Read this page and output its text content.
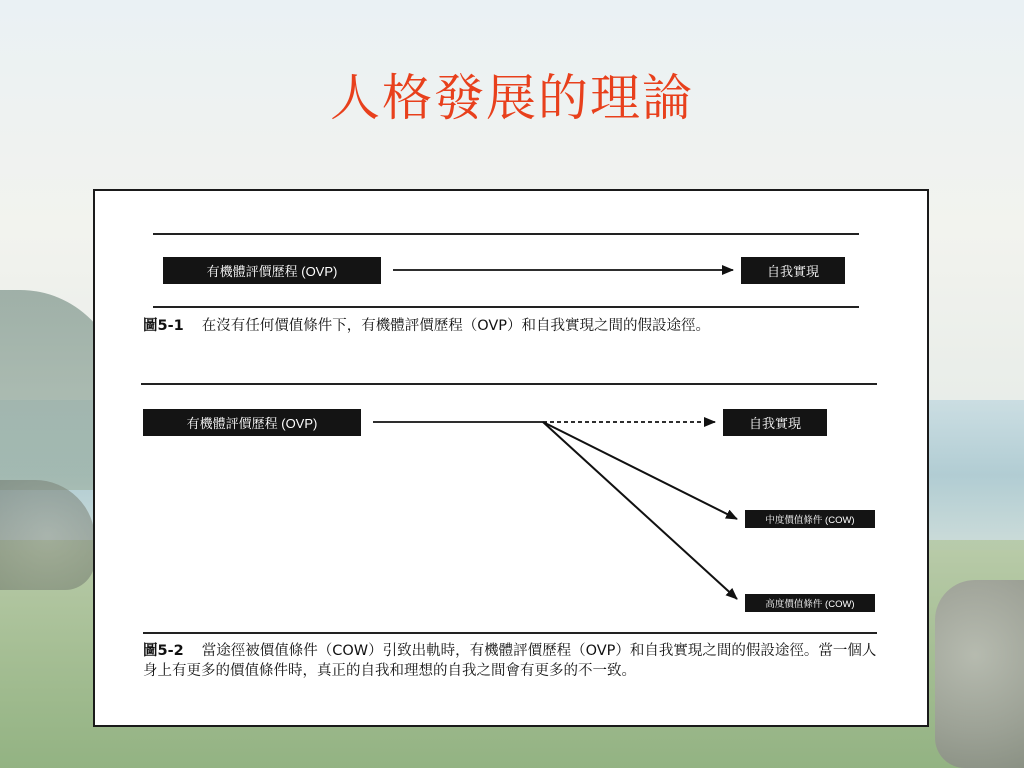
人格發展的理論
有機體評價歷程 (OVP)	自我實現

圖5-1 在沒有任何價值條件下，有機體評價歷程（OVP）和自我實現之間的假設途徑。

有機體評價歷程 (OVP)	自我實現
中度價值條件 (COW)
高度價值條件 (COW)

圖5-2 當途徑被價值條件（COW）引致出軌時，有機體評價歷程（OVP）和自我實現之間的假設途徑。當一個人身上有更多的價值條件時，真正的自我和理想的自我之間會有更多的不一致。
